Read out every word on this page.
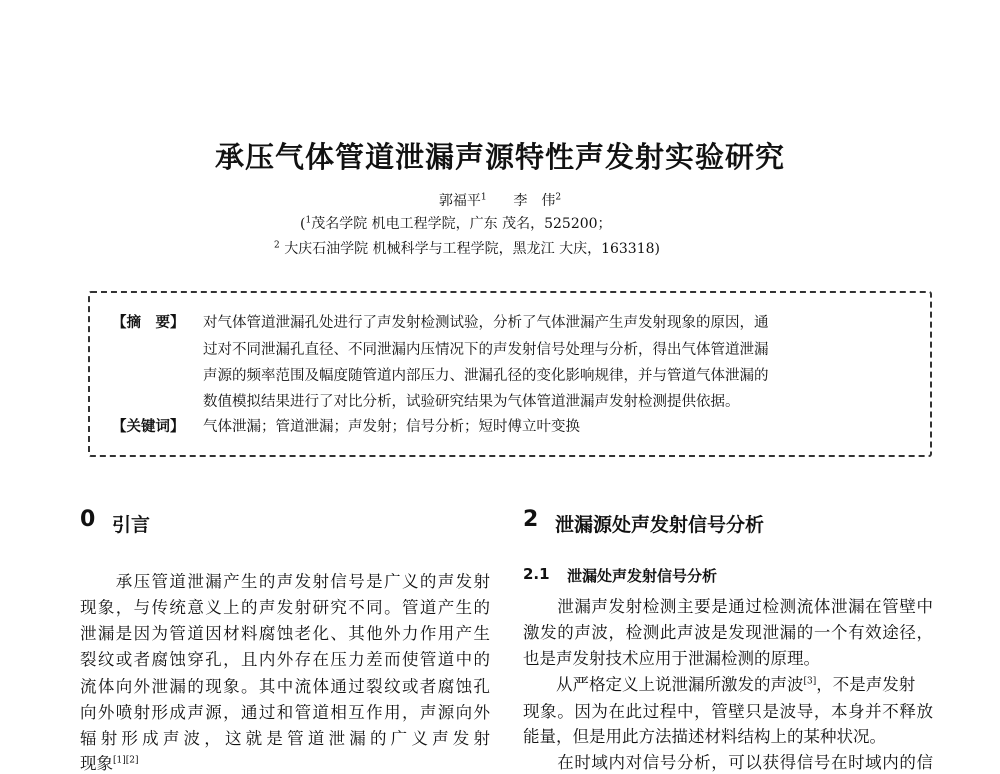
承压气体管道泄漏声源特性声发射实验研究
郭福平$^1$ 李　伟$^2$
($^1$茂名学院 机电工程学院，广东 茂名，525200；
$^2$ 大庆石油学院 机械科学与工程学院，黑龙江 大庆，163318)
【摘　要】 对气体管道泄漏孔处进行了声发射检测试验，分析了气体泄漏产生声发射现象的原因，通
过对不同泄漏孔直径、不同泄漏内压情况下的声发射信号处理与分析，得出气体管道泄漏
声源的频率范围及幅度随管道内部压力、泄漏孔径的变化影响规律，并与管道气体泄漏的
数值模拟结果进行了对比分析，试验研究结果为气体管道泄漏声发射检测提供依据。
【关键词】 气体泄漏；管道泄漏；声发射；信号分析；短时傅立叶变换
0 引言
　　承压管道泄漏产生的声发射信号是广义的声发射
现象，与传统意义上的声发射研究不同。管道产生的
泄漏是因为管道因材料腐蚀老化、其他外力作用产生
裂纹或者腐蚀穿孔，且内外存在压力差而使管道中的
流体向外泄漏的现象。其中流体通过裂纹或者腐蚀孔
向外喷射形成声源，通过和管道相互作用，声源向外
辐射形成声波，这就是管道泄漏的广义声发射
现象[1][2]
2 泄漏源处声发射信号分析
2.1 泄漏处声发射信号分析
　　泄漏声发射检测主要是通过检测流体泄漏在管壁中
激发的声波，检测此声波是发现泄漏的一个有效途径，
也是声发射技术应用于泄漏检测的原理。
　　从严格定义上说泄漏所激发的声波[3]，不是声发射
现象。因为在此过程中，管壁只是波导，本身并不释放
能量，但是用此方法描述材料结构上的某种状况。
　　在时域内对信号分析，可以获得信号在时域内的信
